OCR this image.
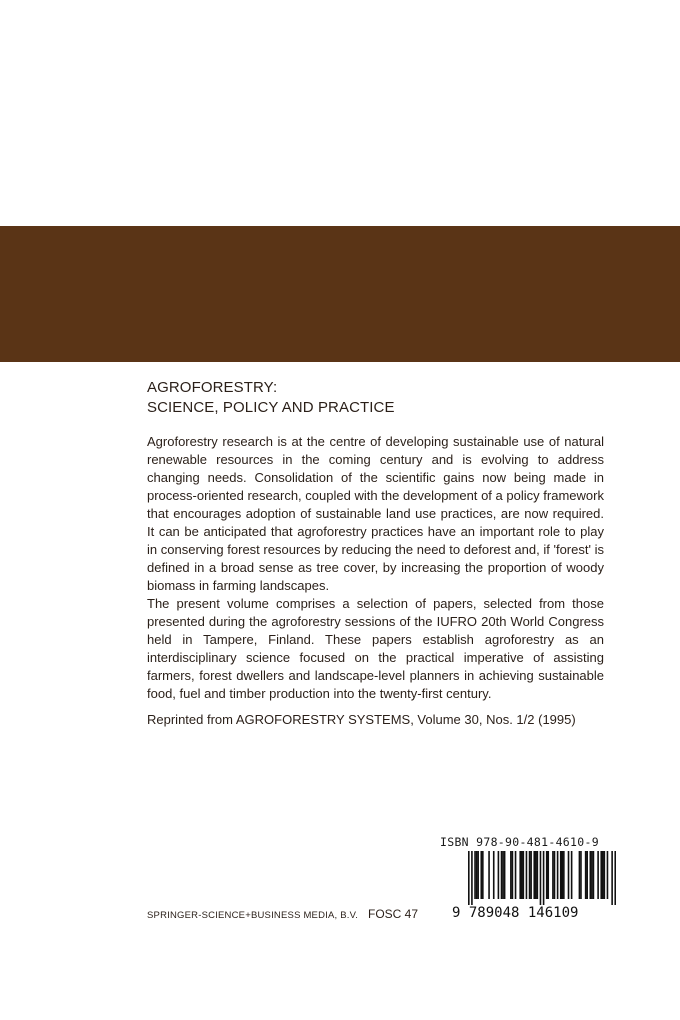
AGROFORESTRY:
SCIENCE, POLICY AND PRACTICE

Agroforestry research is at the centre of developing sustainable use of natural renewable resources in the coming century and is evolving to address changing needs. Consolidation of the scientific gains now being made in process-oriented research, coupled with the development of a policy framework that encourages adoption of sustainable land use practices, are now required. It can be anticipated that agroforestry practices have an important role to play in conserving forest resources by reducing the need to deforest and, if 'forest' is defined in a broad sense as tree cover, by increasing the proportion of woody biomass in farming landscapes.

The present volume comprises a selection of papers, selected from those presented during the agroforestry sessions of the IUFRO 20th World Congress held in Tampere, Finland. These papers establish agroforestry as an interdisciplinary science focused on the practical imperative of assisting farmers, forest dwellers and landscape-level planners in achieving sustainable food, fuel and timber production into the twenty-first century.

Reprinted from AGROFORESTRY SYSTEMS, Volume 30, Nos. 1/2 (1995)
ISBN 978-90-481-4610-9
9 789048 146109
SPRINGER-SCIENCE+BUSINESS MEDIA, B.V. FOSC 47
